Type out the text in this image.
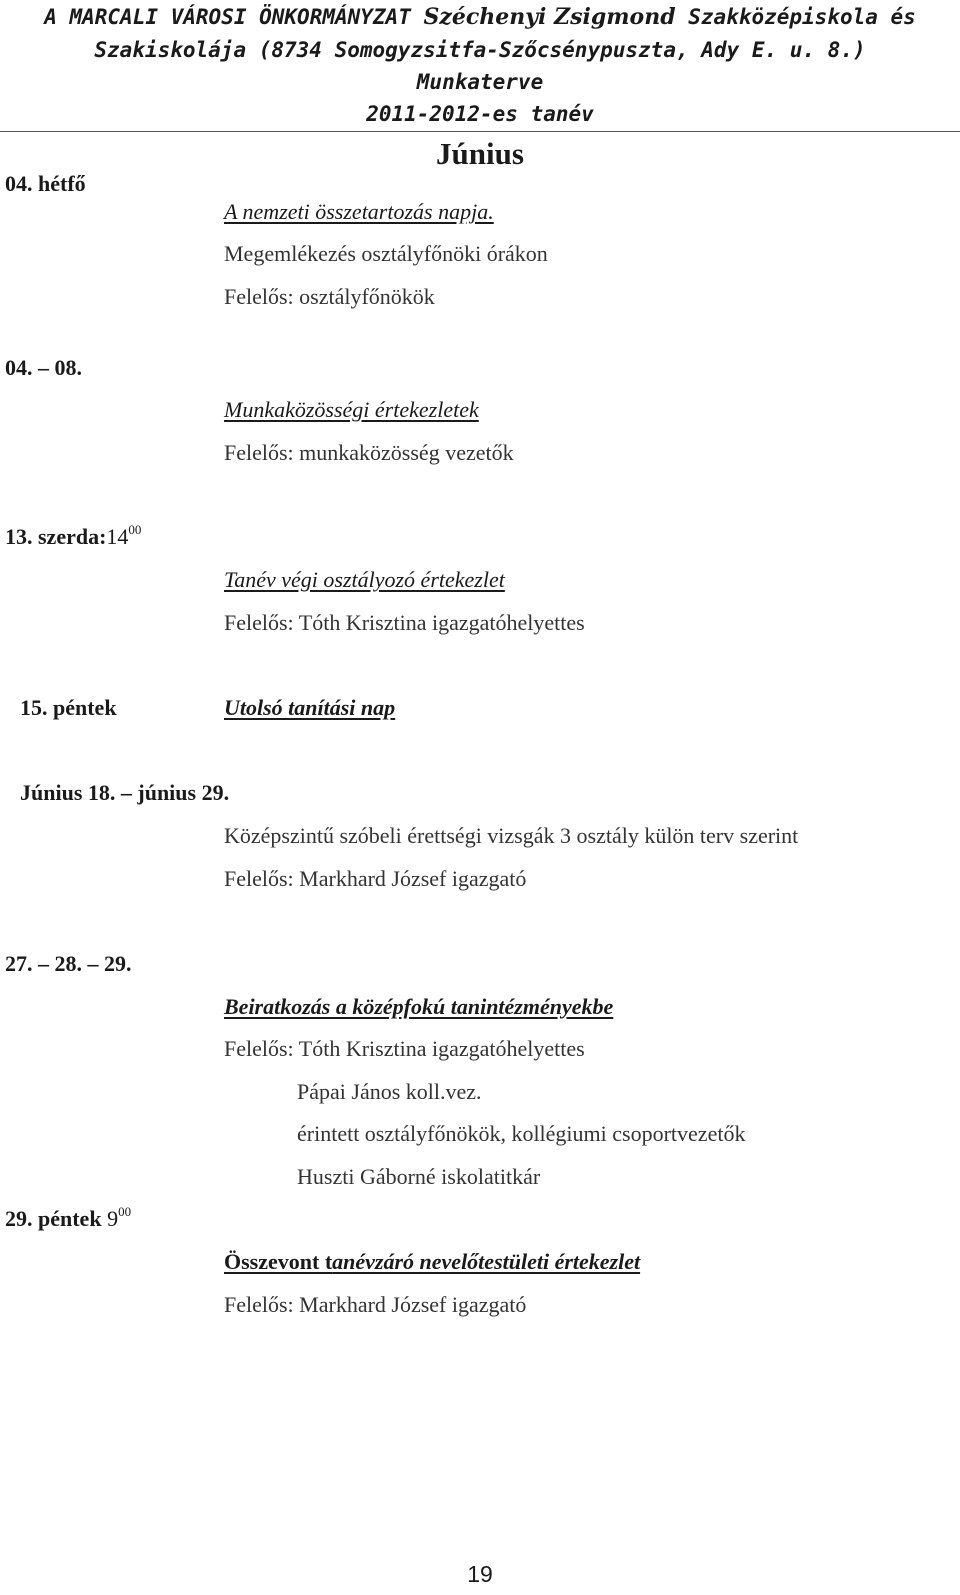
A MARCALI VÁROSI ÖNKORMÁNYZAT Széchenyi Zsigmond Szakközépiskola és
Szakiskolája (8734 Somogyzsitfa-Szőcsénypuszta, Ady E. u. 8.)
Munkaterve
2011-2012-es tanév
Június
04. hétfő
A nemzeti összetartozás napja.
Megemlékezés osztályfőnöki órákon
Felelős: osztályfőnökök
04. – 08.
Munkaközösségi értekezletek
Felelős: munkaközösség vezetők
13. $szerda:14^{00}$
Tanév végi osztályozó értekezlet
Felelős: Tóth Krisztina igazgatóhelyettes
15. péntek	Utolsó tanítási nap
Június 18. – június 29.
Középszintű szóbeli érettségi vizsgák 3 osztály külön terv szerint
Felelős: Markhard József igazgató
27. – 28. – 29.
Beiratkozás a középfokú tanintézményekbe
Felelős: Tóth Krisztina igazgatóhelyettes
Pápai János koll.vez.
érintett osztályfőnökök, kollégiumi csoportvezetők
Huszti Gáborné iskolatitkár
29. péntek $9^{00}$
Összevont tanévzáró nevelőtestületi értekezlet
Felelős: Markhard József igazgató
19
